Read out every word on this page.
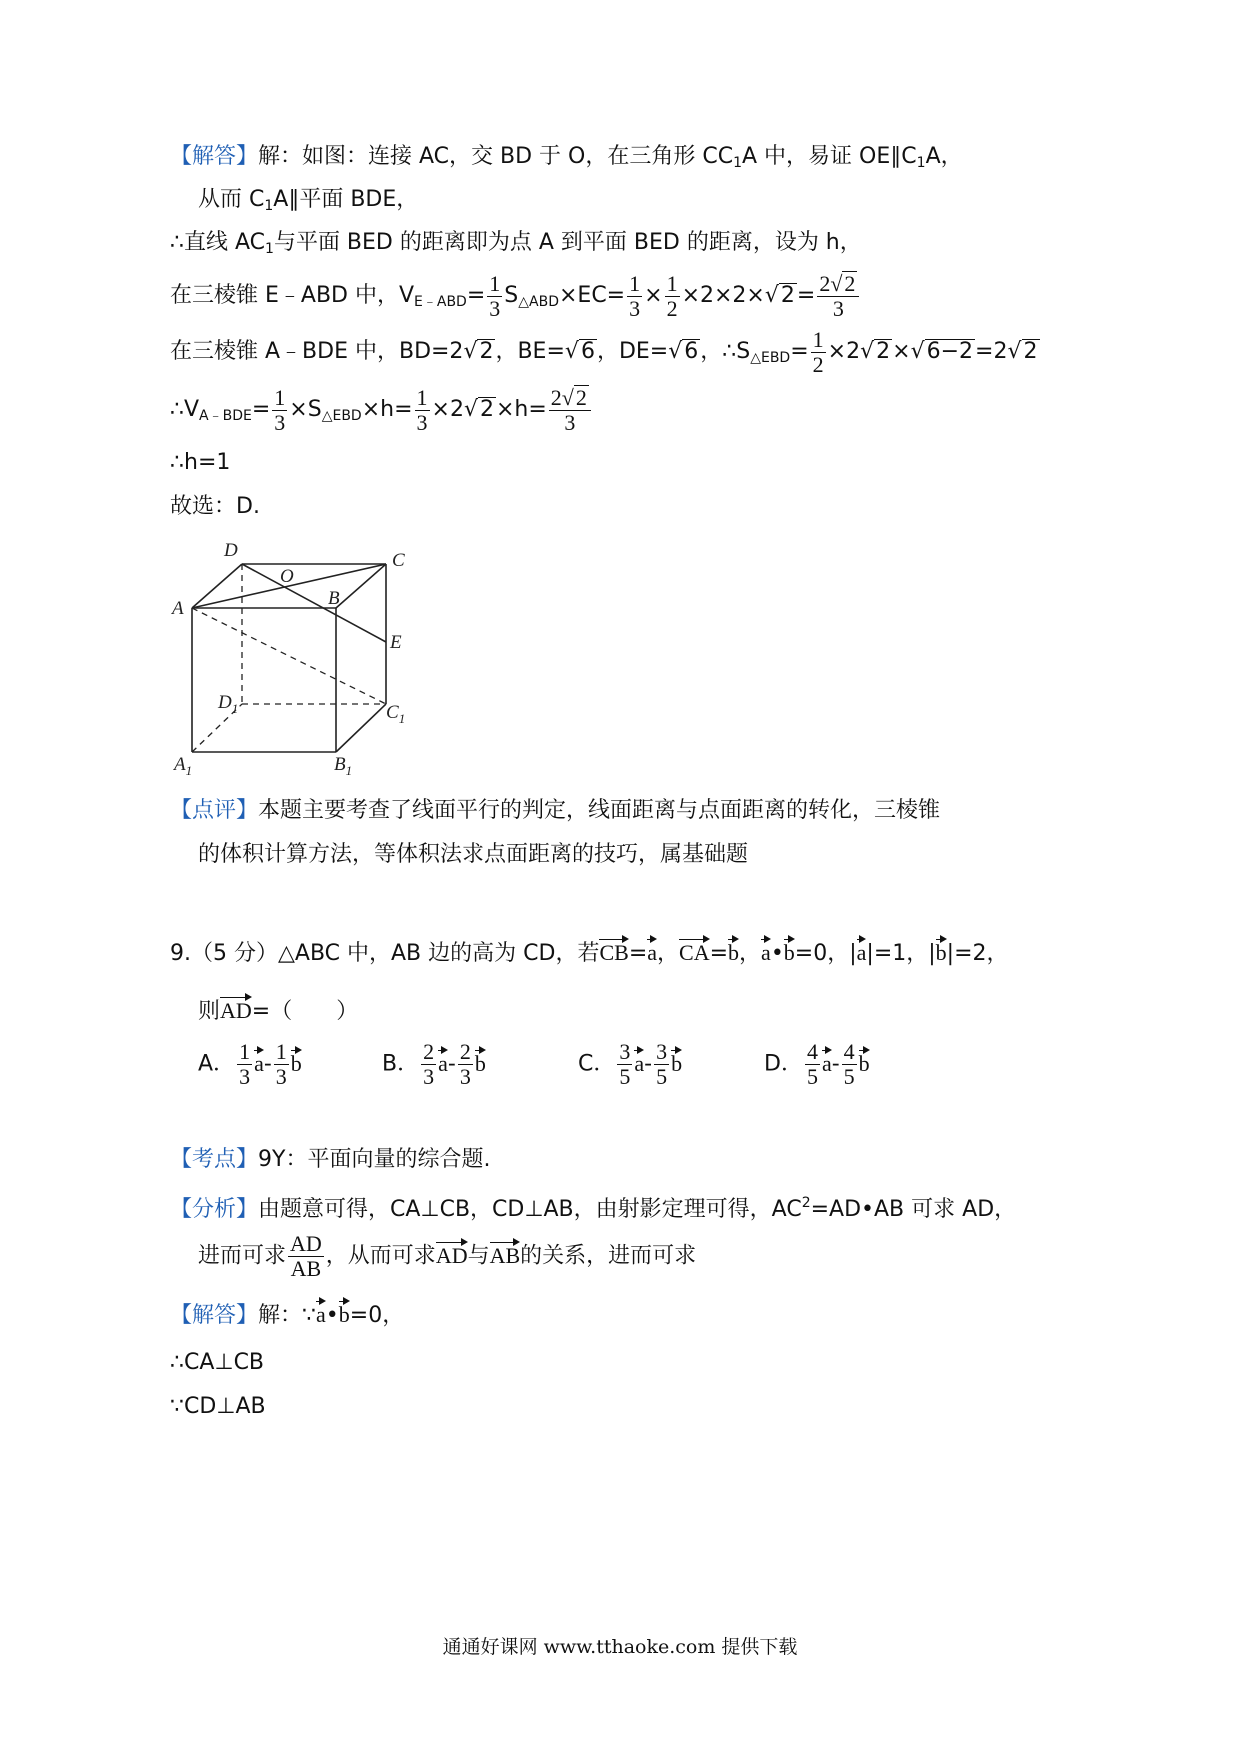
【解答】解：如图：连接 AC，交 BD 于 O，在三角形 $CC_1A$ 中，易证 $OE\parallel C_1A$，
从而 $C_1A\parallel$平面 BDE，
∴直线 $AC_1$与平面 BED 的距离即为点 A 到平面 BED 的距离，设为 h，
在三棱锥 E﹣ABD 中，$V_{E﹣ABD}= \frac{1}{3} S_{\triangle ABD}\times EC= \frac{1}{3} \times \frac{1}{2} \times 2\times 2\times√2= \frac{2√2}{3}$
在三棱锥 A﹣BDE 中，BD=2√2，BE=√6，DE=√6，$\therefore S_{\triangle EBD}= \frac{1}{2} \times 2√2\times√6-2=2√2$
$\therefore V_{A﹣BDE}= \frac{1}{3} \times S_{\triangle EBD}\times h= \frac{1}{3} \times 2√2\times h= \frac{2√2}{3}$
∴h=1
故选：D.
D	C
O
B
A
E
$D_1$	$C_1$
$A_1$	$B_1$
【点评】本题主要考查了线面平行的判定，线面距离与点面距离的转化，三棱锥
的体积计算方法，等体积法求点面距离的技巧，属基础题
9.（5 分）△ABC 中，AB 边的高为 CD，若CB=a，CA=b，a•b=0，|a|=1，|b|=2，
则AD=（　　）
A． $\frac{1}{3} a- \frac{1}{3}$ b	B． $\frac{2}{3} a- \frac{2}{3}$ b	C． $\frac{3}{5} a- \frac{3}{5}$ b	D． $\frac{4}{5} a- \frac{4}{5}$ b
【考点】9Y：平面向量的综合题.
【分析】由题意可得，CA⊥CB，CD⊥AB，由射影定理可得，$AC^2=AD•AB$ 可求 AD，
进而可求 $\frac{AD}{AB}$ ，从而可求AD与AB的关系，进而可求
【解答】解：∵a•b=0，
∴CA⊥CB
∵CD⊥AB
通通好课网 www.tthaoke.com 提供下载
